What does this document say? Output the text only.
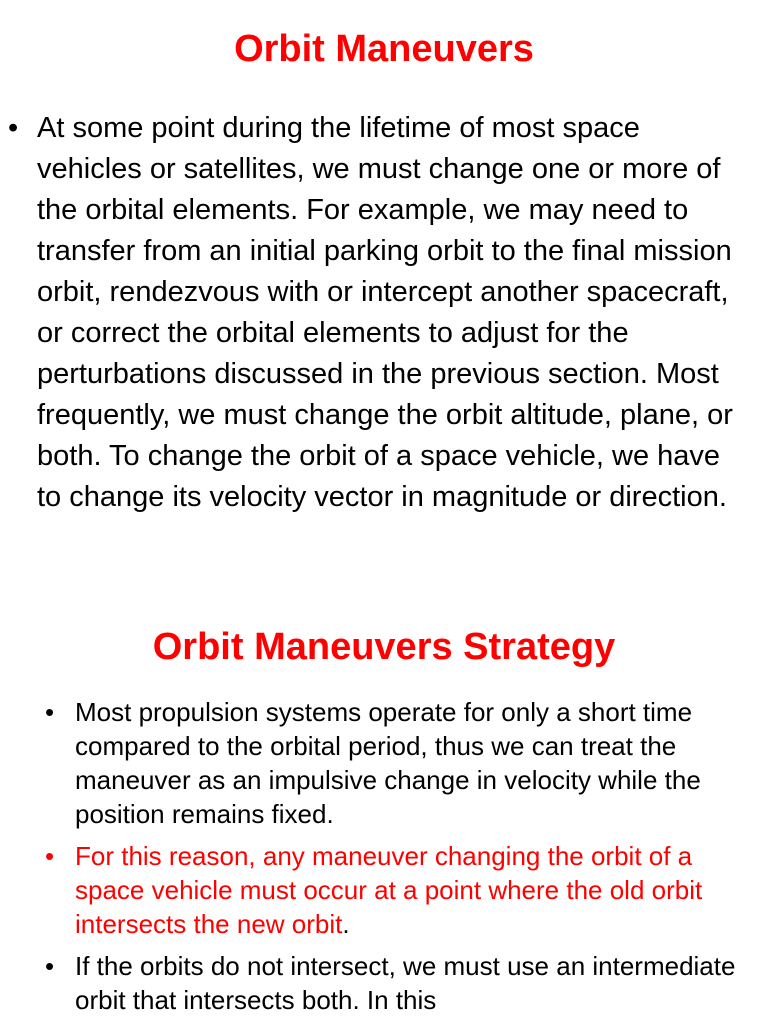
Orbit Maneuvers
• At some point during the lifetime of most space vehicles or satellites, we must change one or more of the orbital elements. For example, we may need to transfer from an initial parking orbit to the final mission orbit, rendezvous with or intercept another spacecraft, or correct the orbital elements to adjust for the perturbations discussed in the previous section. Most frequently, we must change the orbit altitude, plane, or both. To change the orbit of a space vehicle, we have to change its velocity vector in magnitude or direction.
Orbit Maneuvers Strategy
• Most propulsion systems operate for only a short time compared to the orbital period, thus we can treat the maneuver as an impulsive change in velocity while the position remains fixed.
• For this reason, any maneuver changing the orbit of a space vehicle must occur at a point where the old orbit intersects the new orbit.
• If the orbits do not intersect, we must use an intermediate orbit that intersects both. In this
